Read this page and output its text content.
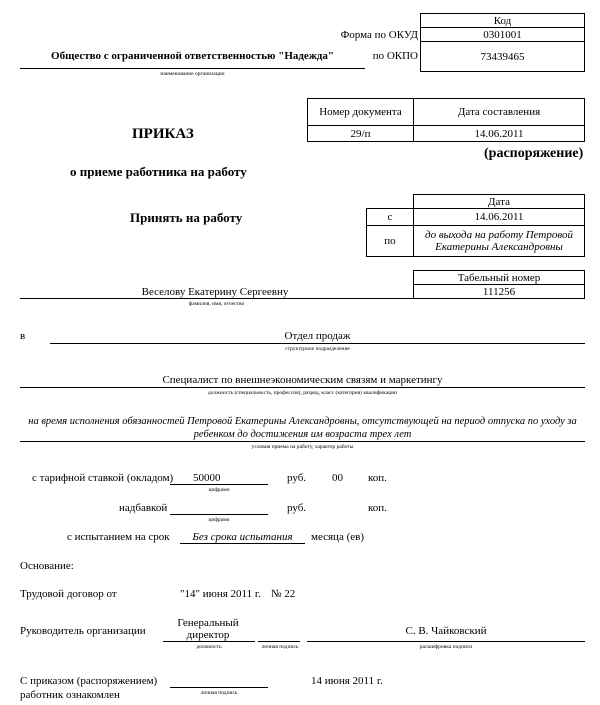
Код
Форма по ОКУД	0301001
по ОКПО	73439465
Общество с ограниченной ответственностью "Надежда"
наименование организации
Номер документа	Дата составления
29/п	14.06.2011
ПРИКАЗ
(распоряжение)
о приеме работника на работу
Принять на работу
Дата
с	14.06.2011
по	до выхода на работу Петровой Екатерины Александровны
Табельный номер
111256
Веселову Екатерину Сергеевну
фамилия, имя, отчество
в	Отдел продаж
структурное подразделение
Специалист по внешнеэкономическим связям и маркетингу
должность (специальность, профессия), разряд, класс (категория) квалификации
на время исполнения обязанностей Петровой Екатерины Александровны, отсутствующей на период отпуска по уходу за ребенком до достижения им возраста трех лет
условия приема на работу, характер работы
с тарифной ставкой (окладом) 50000
цифрами
руб. 00 коп.
надбавкой
цифрами
руб.	коп.
с испытанием на срок	Без срока испытания	месяца (ев)
Основание:
Трудовой договор от	"14" июня 2011 г. № 22
Руководитель организации
Генеральный директор
должность	личная подпись
С. В. Чайковский
расшифровка подписи
С приказом (распоряжением)
работник ознакомлен	личная подпись
14 июня 2011 г.
